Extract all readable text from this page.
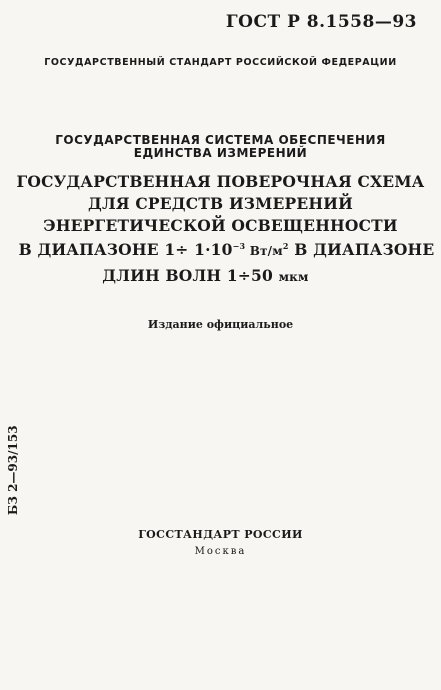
ГОСТ Р 8.1558—93
ГОСУДАРСТВЕННЫЙ СТАНДАРТ РОССИЙСКОЙ ФЕДЕРАЦИИ
ГОСУДАРСТВЕННАЯ СИСТЕМА ОБЕСПЕЧЕНИЯ
ЕДИНСТВА ИЗМЕРЕНИЙ
ГОСУДАРСТВЕННАЯ ПОВЕРОЧНАЯ СХЕМА
ДЛЯ СРЕДСТВ ИЗМЕРЕНИЙ
ЭНЕРГЕТИЧЕСКОЙ ОСВЕЩЕННОСТИ
В ДИАПАЗОНЕ $1\div 1\cdot 10^{-3}$ $Вт/м^2$ В ДИАПАЗОНЕ
ДЛИН ВОЛН 1÷50 мкм
Издание официальное
БЗ 2—93/153
ГОССТАНДАРТ РОССИИ
Москва
